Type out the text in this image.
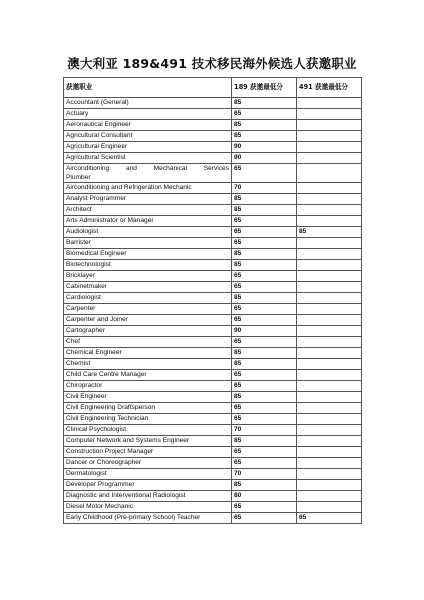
澳大利亚 189&491 技术移民海外候选人获邀职业
获邀职业	189 获邀最低分	491 获邀最低分
Accountant (General)	85	
Actuary	65	
Aeronautical Engineer	85	
Agricultural Consultant	85	
Agricultural Engineer	90	
Agricultural Scientist	90	

Airconditioning and Mechanical Services
Plumber	65	
Airconditioning and Refrigeration Mechanic	70	
Analyst Programmer	85	
Architect	85	
Arts Administrator or Manager	65	
Audiologist	65	85
Barrister	65	
Biomedical Engineer	85	
Biotechnologist	85	
Bricklayer	65	
Cabinetmaker	65	
Cardiologist	85	
Carpenter	65	
Carpenter and Joiner	65	
Cartographer	90	
Chef	65	
Chemical Engineer	85	
Chemist	85	
Child Care Centre Manager	65	
Chiropractor	65	
Civil Engineer	85	
Civil Engineering Draftsperson	65	
Civil Engineering Technician	65	
Clinical Psychologist	70	
Computer Network and Systems Engineer	85	
Construction Project Manager	65	
Dancer or Choreographer	65	
Dermatologist	70	
Developer Programmer	85	
Diagnostic and Interventional Radiologist	80	
Diesel Motor Mechanic	65	
Early Childhood (Pre-primary School) Teacher	65	65
